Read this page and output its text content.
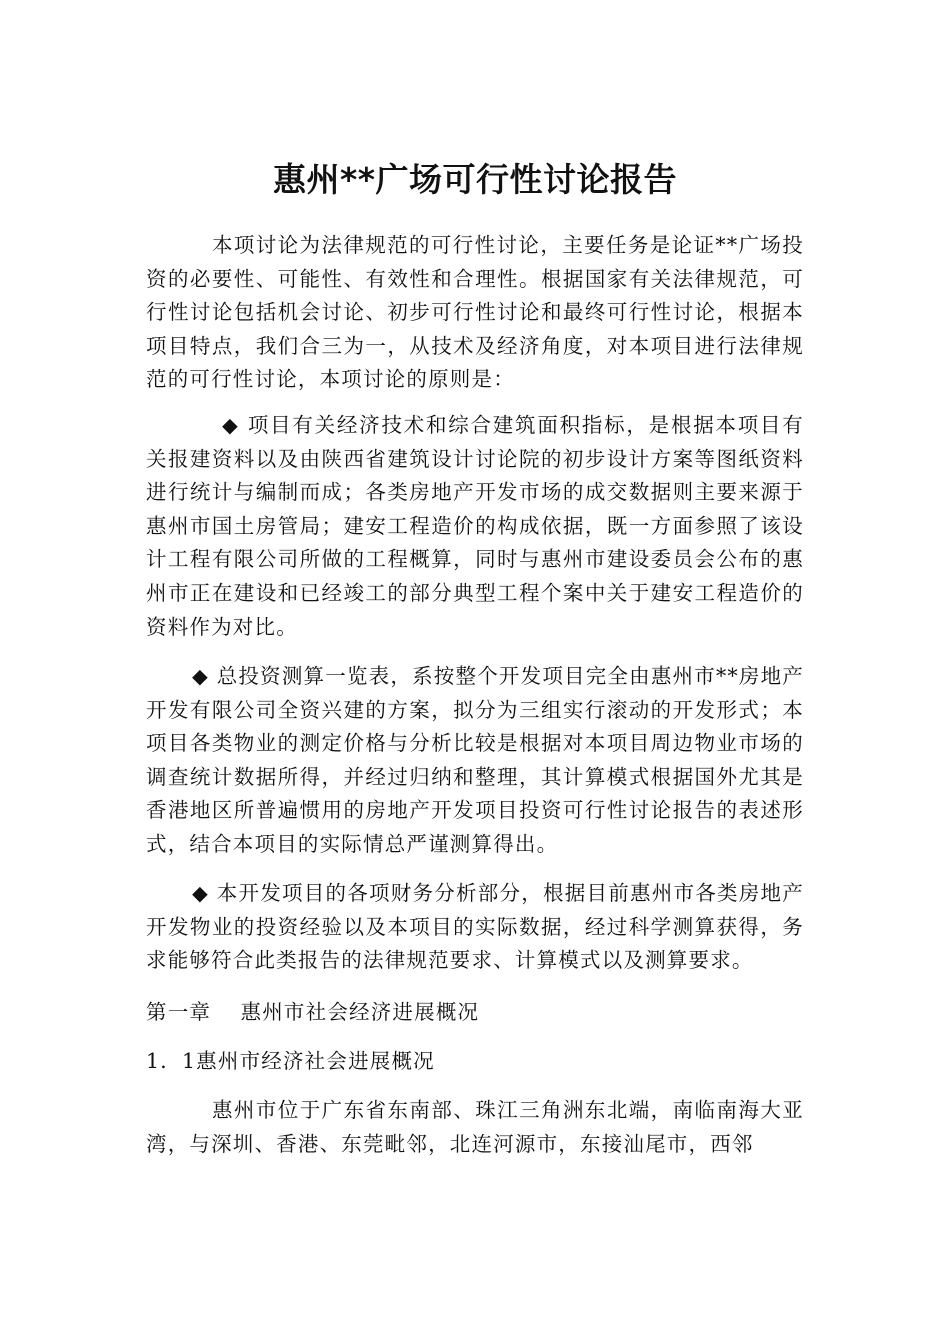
惠州**广场可行性讨论报告

本项讨论为法律规范的可行性讨论，主要任务是论证**广场投资的必要性、可能性、有效性和合理性。根据国家有关法律规范，可行性讨论包括机会讨论、初步可行性讨论和最终可行性讨论，根据本项目特点，我们合三为一，从技术及经济角度，对本项目进行法律规范的可行性讨论，本项讨论的原则是：

◆ 项目有关经济技术和综合建筑面积指标，是根据本项目有关报建资料以及由陕西省建筑设计讨论院的初步设计方案等图纸资料进行统计与编制而成；各类房地产开发市场的成交数据则主要来源于惠州市国土房管局；建安工程造价的构成依据，既一方面参照了该设计工程有限公司所做的工程概算，同时与惠州市建设委员会公布的惠州市正在建设和已经竣工的部分典型工程个案中关于建安工程造价的资料作为对比。

◆ 总投资测算一览表，系按整个开发项目完全由惠州市**房地产开发有限公司全资兴建的方案，拟分为三组实行滚动的开发形式；本项目各类物业的测定价格与分析比较是根据对本项目周边物业市场的调查统计数据所得，并经过归纳和整理，其计算模式根据国外尤其是香港地区所普遍惯用的房地产开发项目投资可行性讨论报告的表述形式，结合本项目的实际情总严谨测算得出。

◆ 本开发项目的各项财务分析部分，根据目前惠州市各类房地产开发物业的投资经验以及本项目的实际数据，经过科学测算获得，务求能够符合此类报告的法律规范要求、计算模式以及测算要求。

第一章　 惠州市社会经济进展概况

1．1惠州市经济社会进展概况

惠州市位于广东省东南部、珠江三角洲东北端，南临南海大亚湾，与深圳、香港、东莞毗邻，北连河源市，东接汕尾市，西邻
